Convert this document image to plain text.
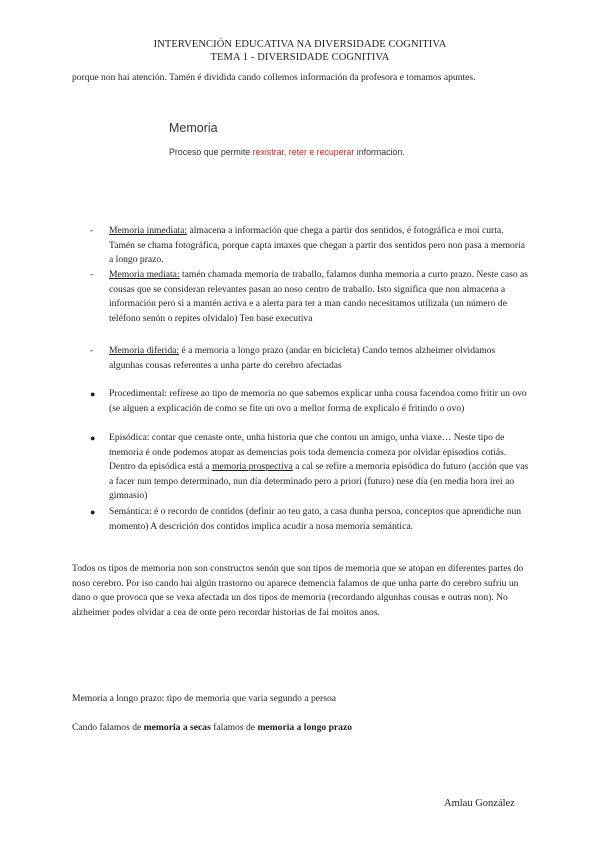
INTERVENCIÓN EDUCATIVA NA DIVERSIDADE COGNITIVA
TEMA 1 - DIVERSIDADE COGNITIVA
porque non hai atención. Tamén é dividida cando collemos información da profesora e tomamos apuntes.
Memoria
Proceso que permite rexistrar, reter e recuperar información.
- Memoria inmediata: almacena a información que chega a partir dos sentidos, é fotográfica e moi curta. Tamén se chama fotográfica, porque capta imaxes que chegan a partir dos sentidos pero non pasa a memoria a longo prazo.
- Memoria mediata: tamén chamada memoria de traballo, falamos dunha memoria a curto prazo. Neste caso as cousas que se consideran relevantes pasan ao noso centro de traballo. Isto significa que non almacena a información pero si a mantén activa e a alerta para ter a man cando necesitamos utilizala (un número de teléfono senón o repites olvidalo) Ten base executiva
- Memoria diferida: é a memoria a longo prazo (andar en bicicleta) Cando temos alzheimer olvidamos algunhas cousas referentes a unha parte do cerebro afectadas
● Procedimental: refírese ao tipo de memoria no que sabemos explicar unha cousa facendoa como fritir un ovo (se alguen a explicación de como se fite un ovo a mellor forma de explicalo é fritindo o ovo)
● Episódica: contar que cenaste onte, unha historia que che contou un amigo, unha viaxe… Neste tipo de memoria é onde podemos atopar as demencias pois toda demencia comeza por olvidar episodios cotiás. Dentro da episódica está a memoria prospectiva a cal se refire a memoria episódica do futuro (acción que vas a facer nun tempo determinado, nun día determinado pero a priori (futuro) nese día (en media hora irei ao gimnasio)
● Semántica: é o recordo de contidos (definir ao teu gato, a casa dunha persoa, conceptos que aprendiche nun momento) A descrición dos contidos implica acudir a nosa memoria semántica.
Todos os tipos de memoria non son constructos senón que son tipos de memoria que se atopan en diferentes partes do noso cerebro. Por iso cando hai algún trastorno ou aparece demencia falamos de que unha parte do cerebro sufriu un dano o que provoca que se vexa afectada un dos tipos de memoria (recordando algunhas cousas e outras non). No alzheimer podes olvidar a cea de onte pero recordar historias de fai moitos anos.
Memoria a longo prazo: tipo de memoria que varia segundo a persoa
Cando falamos de memoria a secas falamos de memoria a longo prazo
Amlau González
